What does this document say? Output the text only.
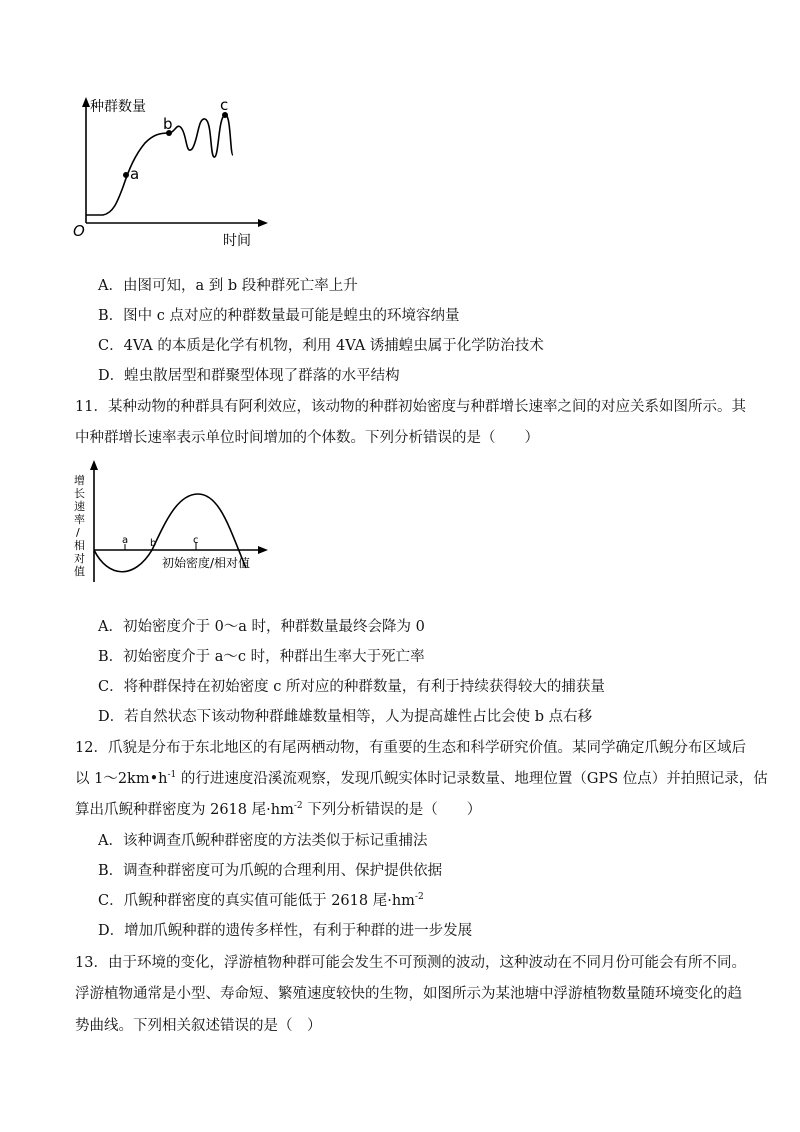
种群数量
时间
O
a
b
c
A．由图可知，a 到 b 段种群死亡率上升
B．图中 c 点对应的种群数量最可能是蝗虫的环境容纳量
C．4VA 的本质是化学有机物，利用 4VA 诱捕蝗虫属于化学防治技术
D．蝗虫散居型和群聚型体现了群落的水平结构
11．某种动物的种群具有阿利效应，该动物的种群初始密度与种群增长速率之间的对应关系如图所示。其
中种群增长速率表示单位时间增加的个体数。下列分析错误的是（　　）
a b	c
初始密度/相对值
增
长
速
率
/
相
对
值
A．初始密度介于 0～a 时，种群数量最终会降为 0
B．初始密度介于 a～c 时，种群出生率大于死亡率
C．将种群保持在初始密度 c 所对应的种群数量，有利于持续获得较大的捕获量
D．若自然状态下该动物种群雌雄数量相等，人为提高雄性占比会使 b 点右移
12．爪貌是分布于东北地区的有尾两栖动物，有重要的生态和科学研究价值。某同学确定爪鲵分布区域后
以 $1\sim 2km•h^{-1}$ 的行进速度沿溪流观察，发现爪鲵实体时记录数量、地理位置（GPS 位点）并拍照记录，估
算出爪鲵种群密度为 2618 尾$\cdot hm^{-2}$ 下列分析错误的是（　　）
A．该种调查爪鲵种群密度的方法类似于标记重捕法
B．调查种群密度可为爪鲵的合理利用、保护提供依据
C．爪鲵种群密度的真实值可能低于 2618 尾$\cdot hm^{-2}$
D．增加爪鲵种群的遗传多样性，有利于种群的进一步发展
13．由于环境的变化，浮游植物种群可能会发生不可预测的波动，这种波动在不同月份可能会有所不同。
浮游植物通常是小型、寿命短、繁殖速度较快的生物，如图所示为某池塘中浮游植物数量随环境变化的趋
势曲线。下列相关叙述错误的是（　）
